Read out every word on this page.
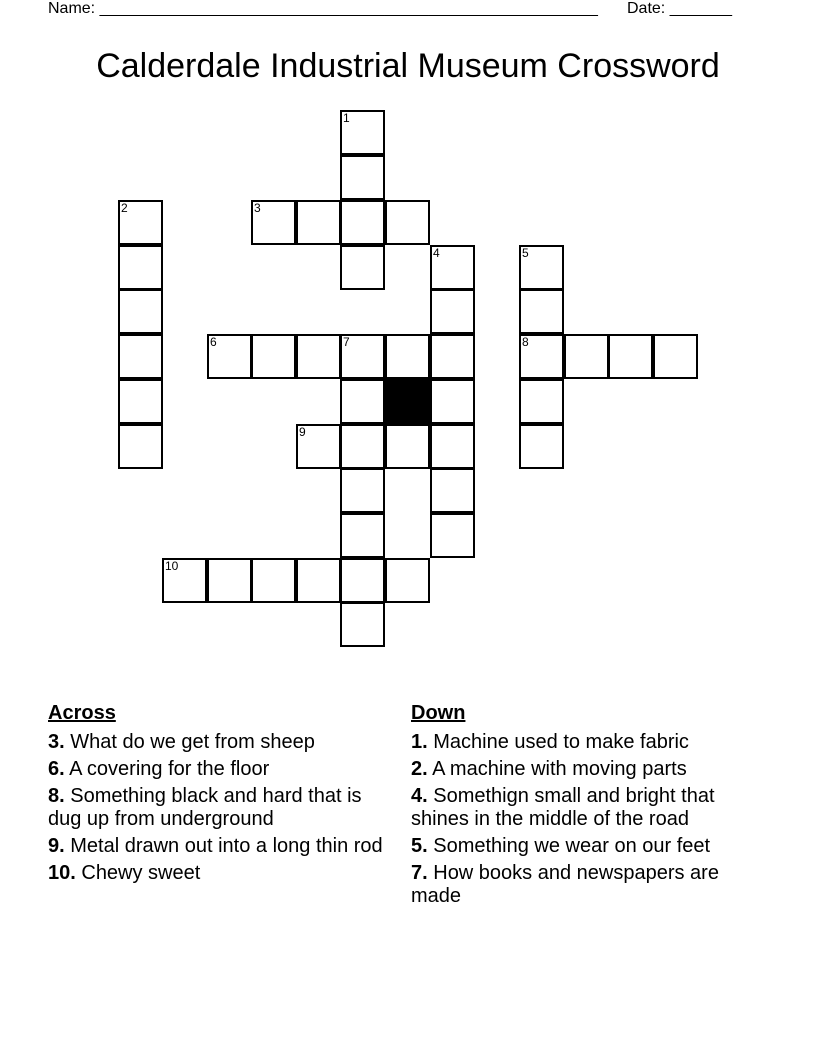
Name: ________________________________________________________ Date: _______
Calderdale Industrial Museum Crossword
1
3
2
4	5
8
6	7
9
10
Across
3. What do we get from sheep
6. A covering for the floor
8. Something black and hard that is dug up from underground
9. Metal drawn out into a long thin rod
10. Chewy sweet
Down
1. Machine used to make fabric
2. A machine with moving parts
4. Somethign small and bright that shines in the middle of the road
5. Something we wear on our feet
7. How books and newspapers are made
